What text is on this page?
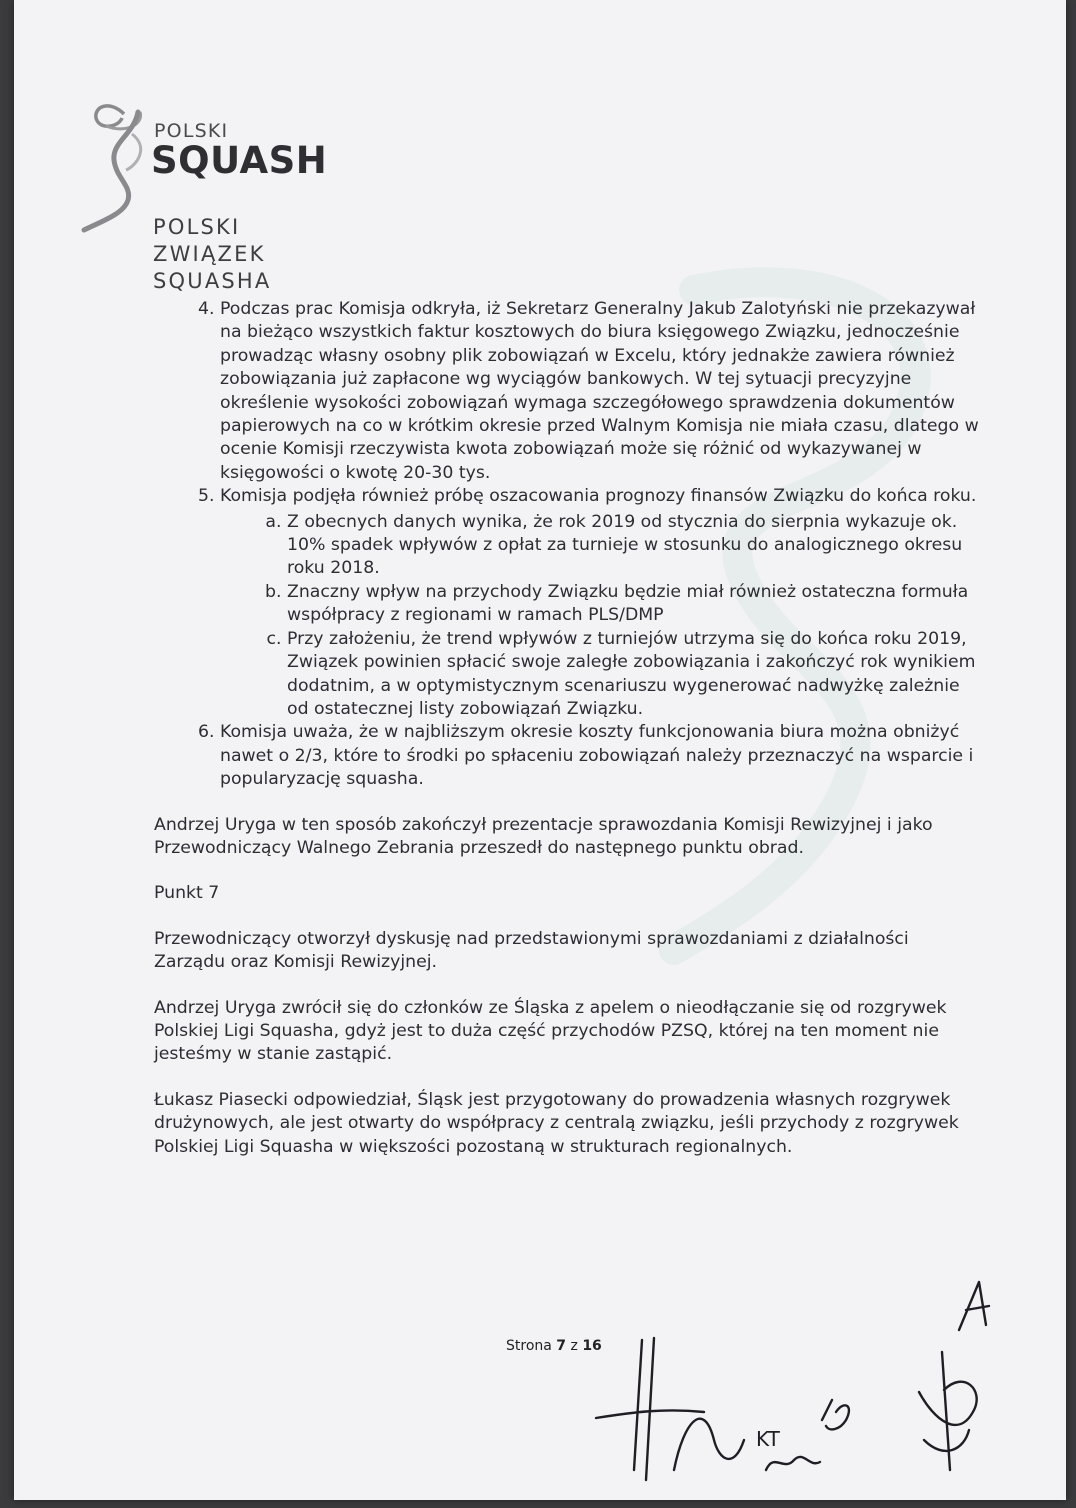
POLSKI
SQUASH
POLSKI
ZWIĄZEK
SQUASHA
4. Podczas prac Komisja odkryła, iż Sekretarz Generalny Jakub Zalotyński nie przekazywał na bieżąco wszystkich faktur kosztowych do biura księgowego Związku, jednocześnie prowadząc własny osobny plik zobowiązań w Excelu, który jednakże zawiera również zobowiązania już zapłacone wg wyciągów bankowych. W tej sytuacji precyzyjne określenie wysokości zobowiązań wymaga szczegółowego sprawdzenia dokumentów papierowych na co w krótkim okresie przed Walnym Komisja nie miała czasu, dlatego w ocenie Komisji rzeczywista kwota zobowiązań może się różnić od wykazywanej w księgowości o kwotę 20-30 tys.
5. Komisja podjęła również próbę oszacowania prognozy finansów Związku do końca roku.
a. Z obecnych danych wynika, że rok 2019 od stycznia do sierpnia wykazuje ok. 10% spadek wpływów z opłat za turnieje w stosunku do analogicznego okresu roku 2018.
b. Znaczny wpływ na przychody Związku będzie miał również ostateczna formuła współpracy z regionami w ramach PLS/DMP
c. Przy założeniu, że trend wpływów z turniejów utrzyma się do końca roku 2019, Związek powinien spłacić swoje zaległe zobowiązania i zakończyć rok wynikiem dodatnim, a w optymistycznym scenariuszu wygenerować nadwyżkę zależnie od ostatecznej listy zobowiązań Związku.
6. Komisja uważa, że w najbliższym okresie koszty funkcjonowania biura można obniżyć nawet o 2/3, które to środki po spłaceniu zobowiązań należy przeznaczyć na wsparcie i popularyzację squasha.

Andrzej Uryga w ten sposób zakończył prezentacje sprawozdania Komisji Rewizyjnej i jako Przewodniczący Walnego Zebrania przeszedł do następnego punktu obrad.

Punkt 7

Przewodniczący otworzył dyskusję nad przedstawionymi sprawozdaniami z działalności Zarządu oraz Komisji Rewizyjnej.

Andrzej Uryga zwrócił się do członków ze Śląska z apelem o nieodłączanie się od rozgrywek Polskiej Ligi Squasha, gdyż jest to duża część przychodów PZSQ, której na ten moment nie jesteśmy w stanie zastąpić.

Łukasz Piasecki odpowiedział, Śląsk jest przygotowany do prowadzenia własnych rozgrywek drużynowych, ale jest otwarty do współpracy z centralą związku, jeśli przychody z rozgrywek Polskiej Ligi Squasha w większości pozostaną w strukturach regionalnych.

Strona 7 z 16
KT
